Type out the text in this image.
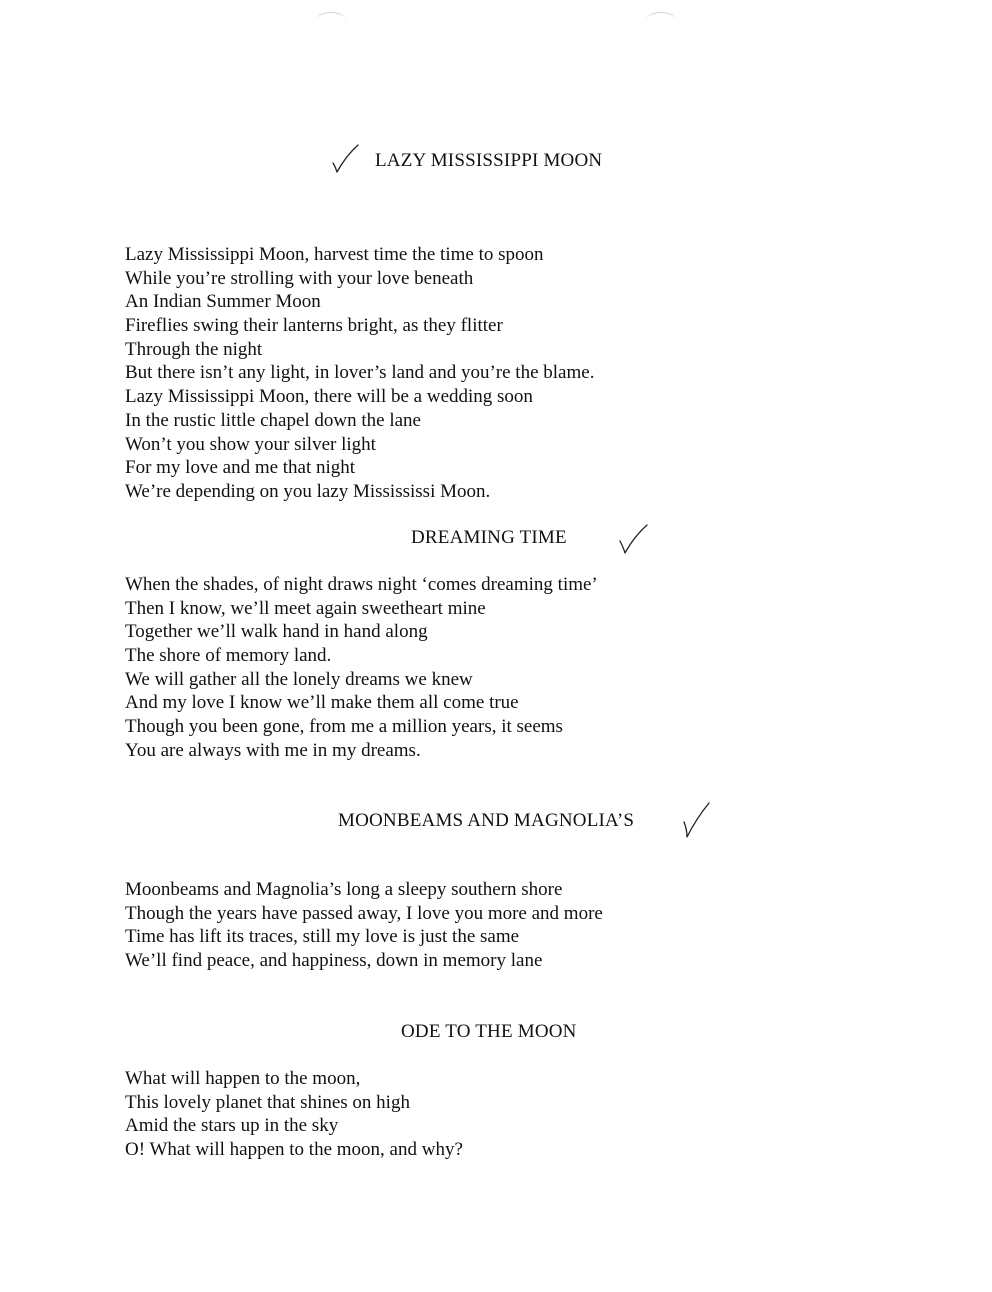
LAZY MISSISSIPPI MOON
Lazy Mississippi Moon, harvest time the time to spoon
While you’re strolling with your love beneath
An Indian Summer Moon
Fireflies swing their lanterns bright, as they flitter
Through the night
But there isn’t any light, in lover’s land and you’re the blame.
Lazy Mississippi Moon, there will be a wedding soon
In the rustic little chapel down the lane
Won’t you show your silver light
For my love and me that night
We’re depending on you lazy Missississi Moon.
DREAMING TIME
When the shades, of night draws night ‘comes dreaming time’
Then I know, we’ll meet again sweetheart mine
Together we’ll walk hand in hand along
The shore of memory land.
We will gather all the lonely dreams we knew
And my love I know we’ll make them all come true
Though you been gone, from me a million years, it seems
You are always with me in my dreams.
MOONBEAMS AND MAGNOLIA’S
Moonbeams and Magnolia’s long a sleepy southern shore
Though the years have passed away, I love you more and more
Time has lift its traces, still my love is just the same
We’ll find peace, and happiness, down in memory lane
ODE TO THE MOON
What will happen to the moon,
This lovely planet that shines on high
Amid the stars up in the sky
O! What will happen to the moon, and why?
